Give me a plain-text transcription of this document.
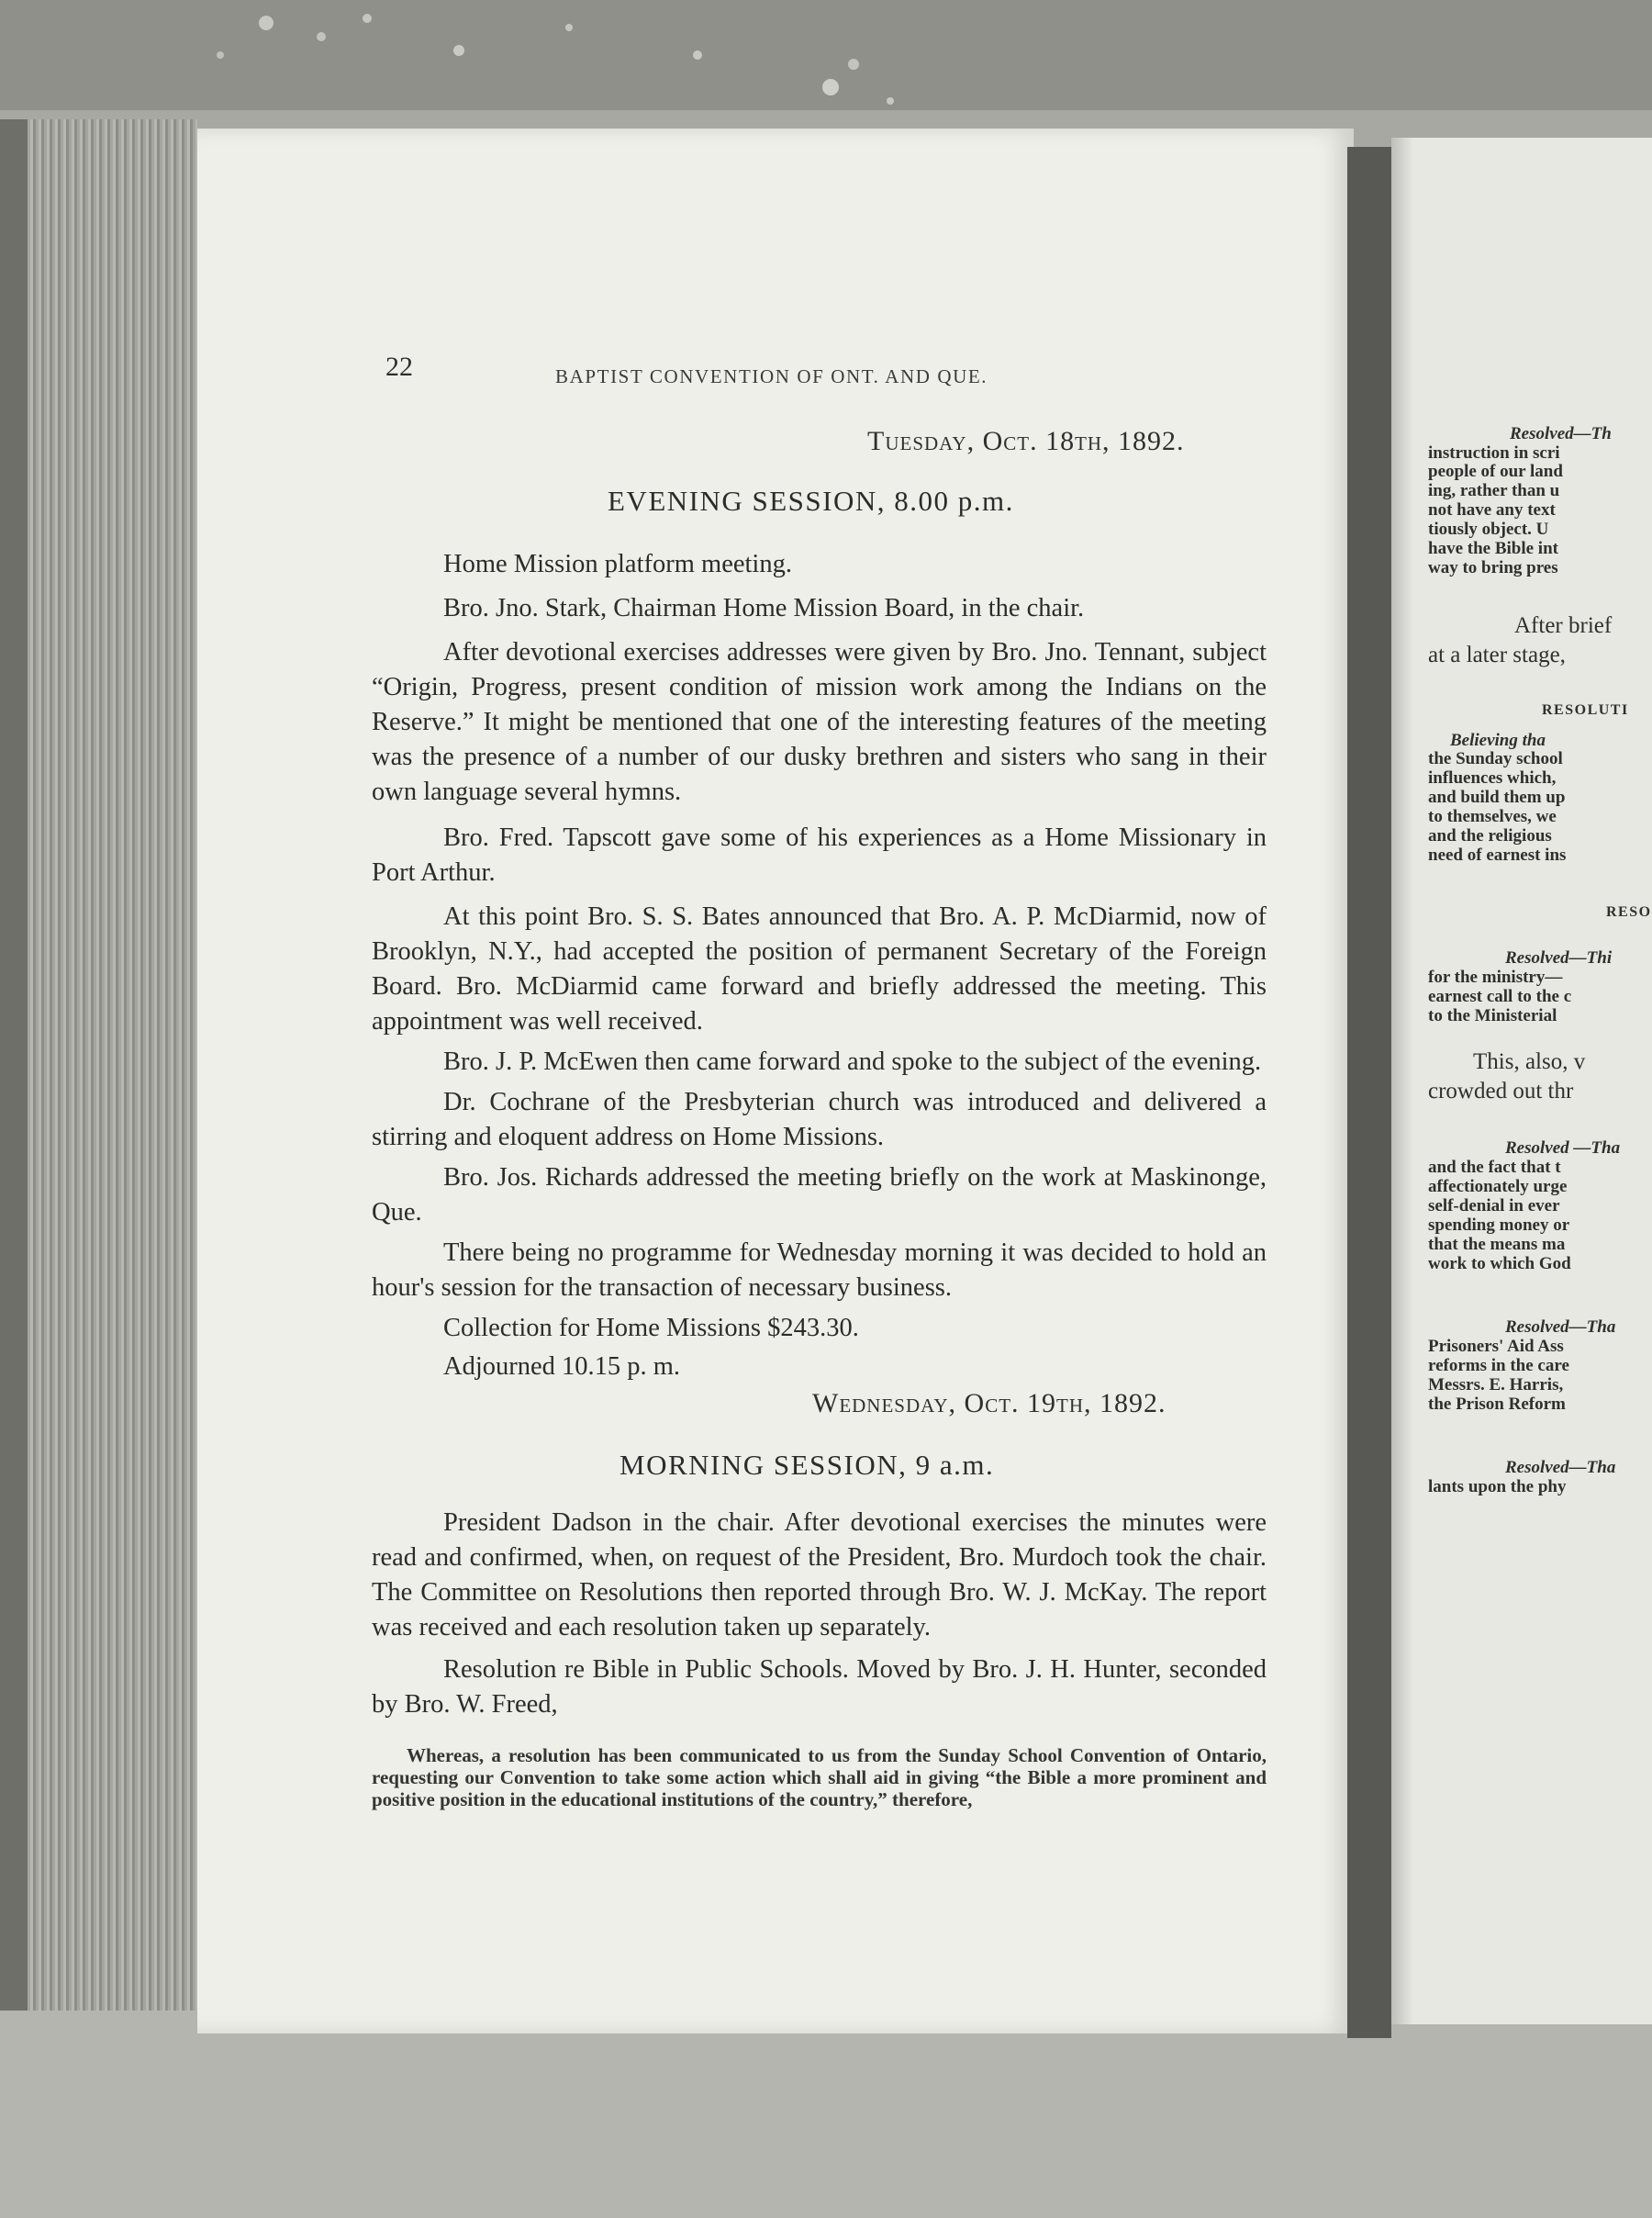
22	BAPTIST CONVENTION OF ONT. AND QUE.
Tuesday, Oct. 18th, 1892.
EVENING SESSION, 8.00 p.m.

Home Mission platform meeting.

Bro. Jno. Stark, Chairman Home Mission Board, in the chair.

After devotional exercises addresses were given by Bro. Jno. Tennant, subject “Origin, Progress, present condition of mission work among the Indians on the Reserve.” It might be mentioned that one of the interesting features of the meeting was the presence of a number of our dusky brethren and sisters who sang in their own language several hymns.

Bro. Fred. Tapscott gave some of his experiences as a Home Missionary in Port Arthur.

At this point Bro. S. S. Bates announced that Bro. A. P. McDiarmid, now of Brooklyn, N.Y., had accepted the position of permanent Secretary of the Foreign Board. Bro. McDiarmid came forward and briefly addressed the meeting. This appointment was well received.

Bro. J. P. McEwen then came forward and spoke to the subject of the evening.

Dr. Cochrane of the Presbyterian church was introduced and delivered a stirring and eloquent address on Home Missions.

Bro. Jos. Richards addressed the meeting briefly on the work at Maskinonge, Que.

There being no programme for Wednesday morning it was decided to hold an hour's session for the transaction of necessary business.

Collection for Home Missions $243.30.

Adjourned 10.15 p. m.

Wednesday, Oct. 19th, 1892.
MORNING SESSION, 9 a.m.

President Dadson in the chair. After devotional exercises the minutes were read and confirmed, when, on request of the President, Bro. Murdoch took the chair. The Committee on Resolutions then reported through Bro. W. J. McKay. The report was received and each resolution taken up separately.

Resolution re Bible in Public Schools. Moved by Bro. J. H. Hunter, seconded by Bro. W. Freed,

Whereas, a resolution has been communicated to us from the Sunday School Convention of Ontario, requesting our Convention to take some action which shall aid in giving “the Bible a more prominent and positive position in the educational institutions of the country,” therefore,
Resolved—Th
instruction in scri
people of our land
ing, rather than u
not have any text
tiously object. U
have the Bible int
way to bring pres
After brief
at a later stage,
RESOLUTI
Believing tha
the Sunday school
influences which,
and build them up
to themselves, we
and the religious
need of earnest ins
RESO
Resolved—Thi
for the ministry—
earnest call to the c
to the Ministerial
This, also, v
crowded out thr
Resolved —Tha
and the fact that t
affectionately urge
self-denial in ever
spending money or
that the means ma
work to which God
Resolved—Tha
Prisoners' Aid Ass
reforms in the care
Messrs. E. Harris,
the Prison Reform
Resolved—Tha
lants upon the phy
